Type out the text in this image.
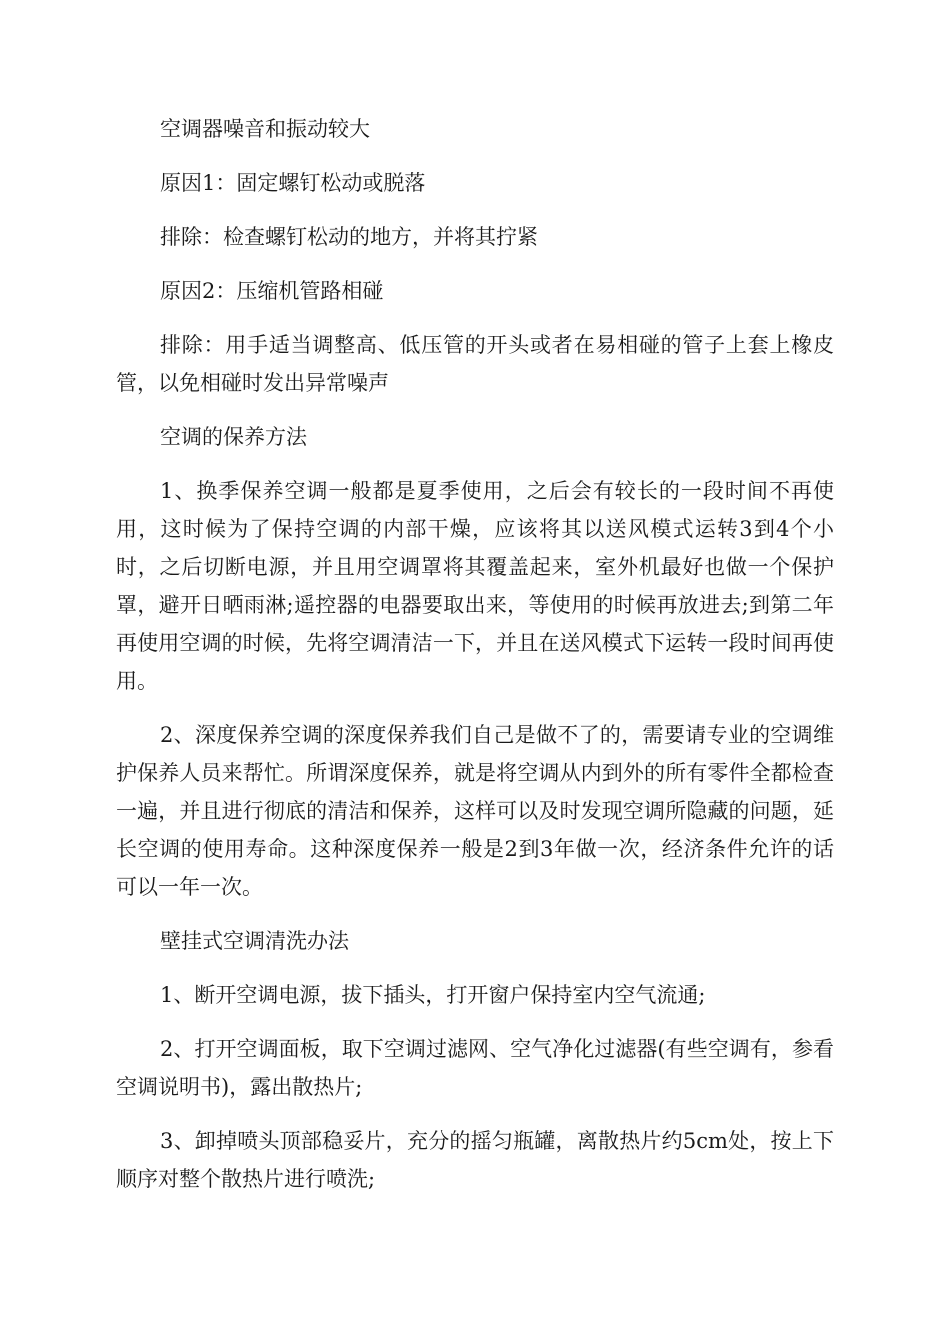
空调器噪音和振动较大

原因1：固定螺钉松动或脱落

排除：检查螺钉松动的地方，并将其拧紧

原因2：压缩机管路相碰

排除：用手适当调整高、低压管的开头或者在易相碰的管子上套上橡皮管，以免相碰时发出异常噪声

空调的保养方法

1、换季保养空调一般都是夏季使用，之后会有较长的一段时间不再使用，这时候为了保持空调的内部干燥，应该将其以送风模式运转3到4个小时，之后切断电源，并且用空调罩将其覆盖起来，室外机最好也做一个保护罩，避开日晒雨淋;遥控器的电器要取出来，等使用的时候再放进去;到第二年再使用空调的时候，先将空调清洁一下，并且在送风模式下运转一段时间再使用。

2、深度保养空调的深度保养我们自己是做不了的，需要请专业的空调维护保养人员来帮忙。所谓深度保养，就是将空调从内到外的所有零件全都检查一遍，并且进行彻底的清洁和保养，这样可以及时发现空调所隐藏的问题，延长空调的使用寿命。这种深度保养一般是2到3年做一次，经济条件允许的话可以一年一次。

壁挂式空调清洗办法

1、断开空调电源，拔下插头，打开窗户保持室内空气流通;

2、打开空调面板，取下空调过滤网、空气净化过滤器(有些空调有，参看空调说明书)，露出散热片;

3、卸掉喷头顶部稳妥片，充分的摇匀瓶罐，离散热片约5cm处，按上下顺序对整个散热片进行喷洗;
